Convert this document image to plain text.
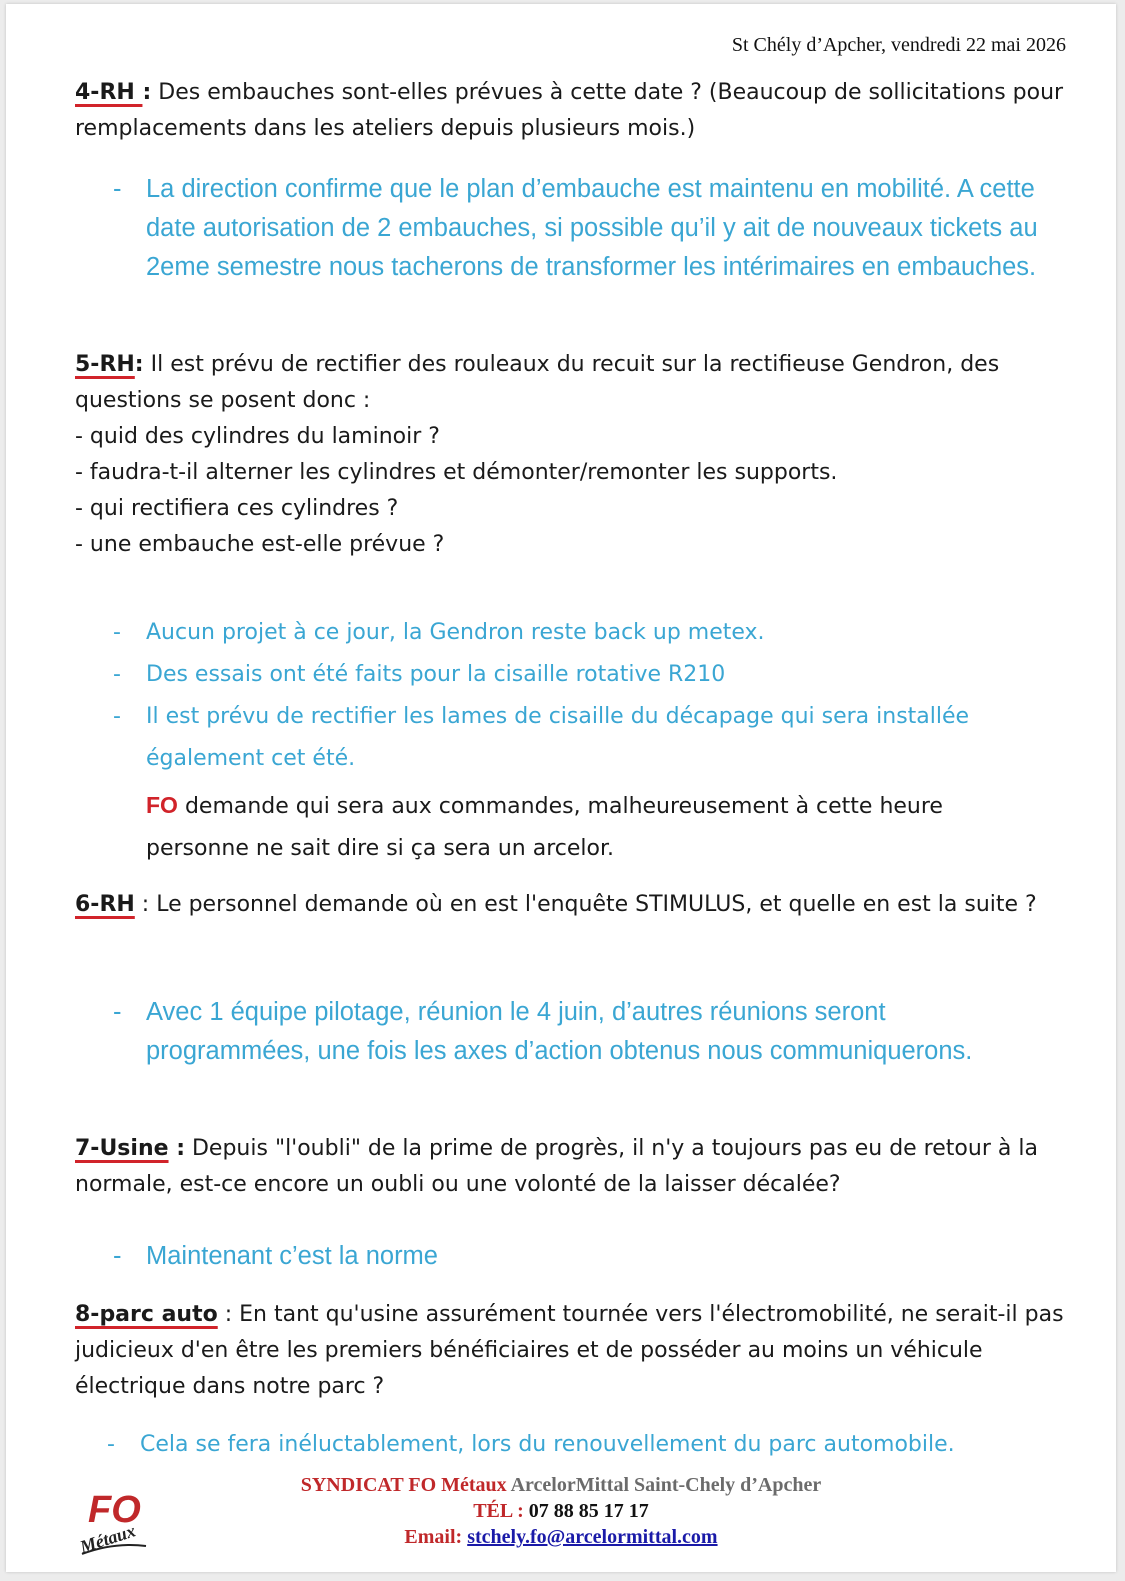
St Chély d’Apcher, vendredi 22 mai 2026
4-RH : Des embauches sont-elles prévues à cette date ? (Beaucoup de sollicitations pour remplacements dans les ateliers depuis plusieurs mois.)
- La direction confirme que le plan d’embauche est maintenu en mobilité. A cette date autorisation de 2 embauches, si possible qu’il y ait de nouveaux tickets au 2eme semestre nous tacherons de transformer les intérimaires en embauches.
5-RH: Il est prévu de rectifier des rouleaux du recuit sur la rectifieuse Gendron, des questions se posent donc :
- quid des cylindres du laminoir ?
- faudra-t-il alterner les cylindres et démonter/remonter les supports.
- qui rectifiera ces cylindres ?
- une embauche est-elle prévue ?
- Aucun projet à ce jour, la Gendron reste back up metex.
- Des essais ont été faits pour la cisaille rotative R210
- Il est prévu de rectifier les lames de cisaille du décapage qui sera installée également cet été.
FO demande qui sera aux commandes, malheureusement à cette heure personne ne sait dire si ça sera un arcelor.
6-RH : Le personnel demande où en est l'enquête STIMULUS, et quelle en est la suite ?
- Avec 1 équipe pilotage, réunion le 4 juin, d’autres réunions seront programmées, une fois les axes d’action obtenus nous communiquerons.
7-Usine : Depuis "l'oubli" de la prime de progrès, il n'y a toujours pas eu de retour à la normale, est-ce encore un oubli ou une volonté de la laisser décalée?
- Maintenant c’est la norme
8-parc auto : En tant qu'usine assurément tournée vers l'électromobilité, ne serait-il pas judicieux d'en être les premiers bénéficiaires et de posséder au moins un véhicule électrique dans notre parc ?
- Cela se fera inéluctablement, lors du renouvellement du parc automobile.
FO
Métaux
SYNDICAT FO Métaux ArcelorMittal Saint-Chely d’Apcher
TÉL : 07 88 85 17 17
Email: stchely.fo@arcelormittal.com
